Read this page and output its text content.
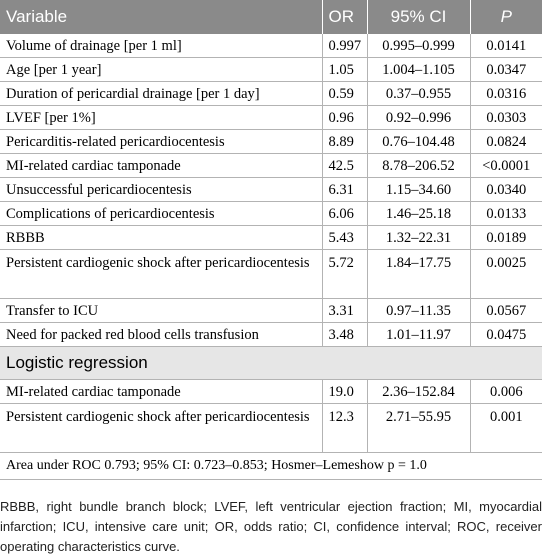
Variable	OR	95% CI	P
Volume of drainage [per 1 ml]	0.997	0.995–0.999	0.0141
Age [per 1 year]	1.05	1.004–1.105	0.0347
Duration of pericardial drainage [per 1 day]	0.59	0.37–0.955	0.0316
LVEF [per 1%]	0.96	0.92–0.996	0.0303
Pericarditis-related pericardiocentesis	8.89	0.76–104.48	0.0824
MI-related cardiac tamponade	42.5	8.78–206.52	<0.0001
Unsuccessful pericardiocentesis	6.31	1.15–34.60	0.0340
Complications of pericardiocentesis	6.06	1.46–25.18	0.0133
RBBB	5.43	1.32–22.31	0.0189
Persistent cardiogenic shock after pericardiocentesis	5.72	1.84–17.75	0.0025
Transfer to ICU	3.31	0.97–11.35	0.0567
Need for packed red blood cells transfusion	3.48	1.01–11.97	0.0475
Logistic regression			
MI-related cardiac tamponade	19.0	2.36–152.84	0.006
Persistent cardiogenic shock after pericardiocentesis	12.3	2.71–55.95	0.001
Area under ROC 0.793; 95% CI: 0.723–0.853; Hosmer–Lemeshow p = 1.0			
RBBB, right bundle branch block; LVEF, left ventricular ejection fraction; MI, myocardial infarction; ICU, intensive care unit; OR, odds ratio; CI, confidence interval; ROC, receiver operating characteristics curve.
